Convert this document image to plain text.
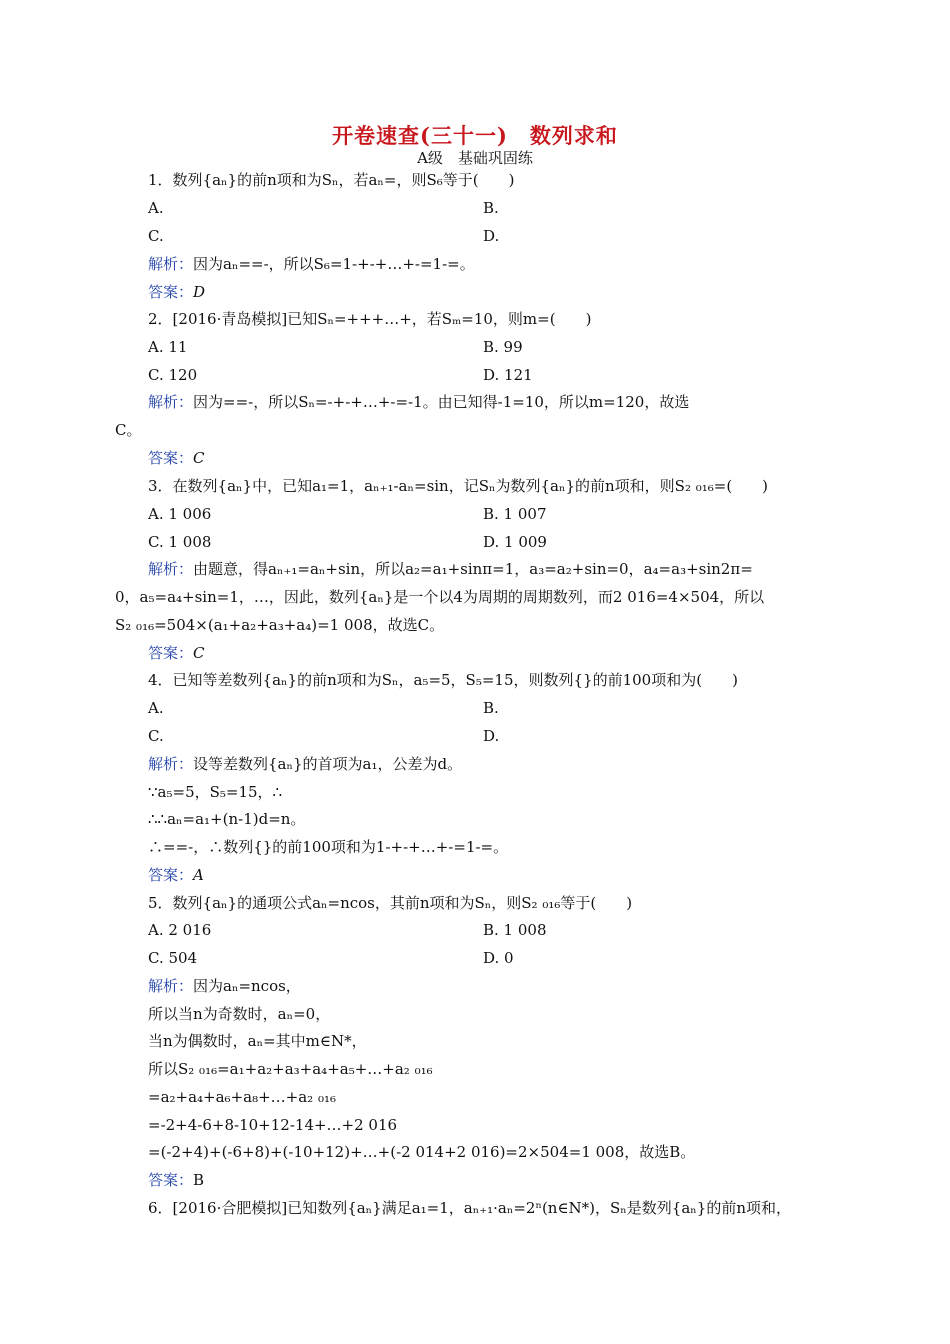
开卷速查(三十一)　数列求和
A级　基础巩固练
1．数列{aₙ}的前n项和为Sₙ，若aₙ=，则S₆等于(　　)
A.	B.
C.	D.
解析：因为aₙ==-，所以S₆=1-+-+…+-=1-=。
答案：D
2．[2016·青岛模拟]已知Sₙ=+++…+，若Sₘ=10，则m=(　　)
A. 11	B. 99
C. 120	D. 121
解析：因为==-，所以Sₙ=-+-+…+-=-1。由已知得-1=10，所以m=120，故选
C。
答案：C
3．在数列{aₙ}中，已知a₁=1，aₙ₊₁-aₙ=sin，记Sₙ为数列{aₙ}的前n项和，则S₂ ₀₁₆=(　　)
A. 1 006	B. 1 007
C. 1 008	D. 1 009
解析：由题意，得aₙ₊₁=aₙ+sin，所以a₂=a₁+sinπ=1，a₃=a₂+sin=0，a₄=a₃+sin2π=
0，a₅=a₄+sin=1，…，因此，数列{aₙ}是一个以4为周期的周期数列，而2 016=4×504，所以
S₂ ₀₁₆=504×(a₁+a₂+a₃+a₄)=1 008，故选C。
答案：C
4．已知等差数列{aₙ}的前n项和为Sₙ，a₅=5，S₅=15，则数列{}的前100项和为(　　)
A.	B.
C.	D.
解析：设等差数列{aₙ}的首项为a₁，公差为d。
∵a₅=5，S₅=15，∴
∴∴aₙ=a₁+(n-1)d=n。
∴==-，∴数列{}的前100项和为1-+-+…+-=1-=。
答案：A
5．数列{aₙ}的通项公式aₙ=ncos，其前n项和为Sₙ，则S₂ ₀₁₆等于(　　)
A. 2 016	B. 1 008
C. 504	D. 0
解析：因为aₙ=ncos，
所以当n为奇数时，aₙ=0，
当n为偶数时，aₙ=其中m∈N*，
所以S₂ ₀₁₆=a₁+a₂+a₃+a₄+a₅+…+a₂ ₀₁₆
=a₂+a₄+a₆+a₈+…+a₂ ₀₁₆
=-2+4-6+8-10+12-14+…+2 016
=(-2+4)+(-6+8)+(-10+12)+…+(-2 014+2 016)=2×504=1 008，故选B。
答案：B
6．[2016·合肥模拟]已知数列{aₙ}满足a₁=1，aₙ₊₁·aₙ=2ⁿ(n∈N*)，Sₙ是数列{aₙ}的前n项和，
